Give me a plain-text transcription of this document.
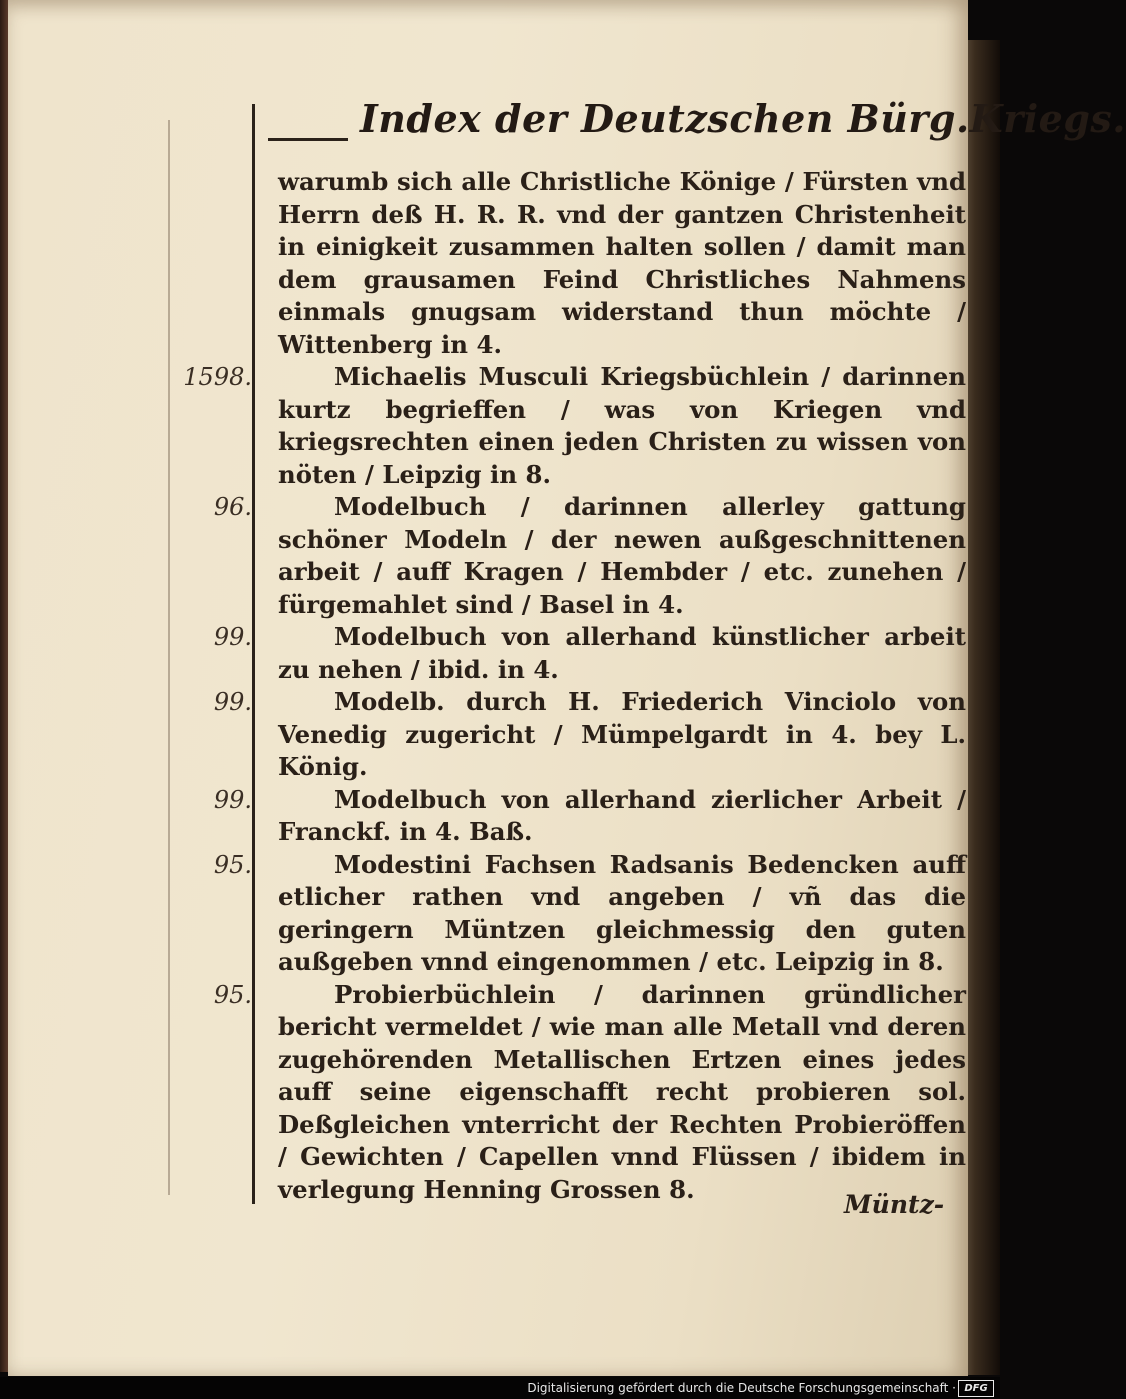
Index der Deutzschen Bürg.Kriegs.
warumb sich alle Christliche Könige / Fürsten vnd Herrn deß H. R. R. vnd der gantzen Christenheit in einigkeit zusammen halten sollen / damit man dem grausamen Feind Christliches Nahmens einmals gnugsam widerstand thun möchte / Wittenberg in 4.
1598.	Michaelis Musculi Kriegsbüchlein / darinnen kurtz begrieffen / was von Kriegen vnd kriegsrechten einen jeden Christen zu wissen von nöten / Leipzig in 8.
96.	Modelbuch / darinnen allerley gattung schöner Modeln / der newen außgeschnittenen arbeit / auff Kragen / Hembder / etc. zunehen / fürgemahlet sind / Basel in 4.
99.	Modelbuch von allerhand künstlicher arbeit zu nehen / ibid. in 4.
99.	Modelb. durch H. Friederich Vinciolo von Venedig zugericht / Mümpelgardt in 4. bey L. König.
99.	Modelbuch von allerhand zierlicher Arbeit / Franckf. in 4. Baß.
95.	Modestini Fachsen Radsanis Bedencken auff etlicher rathen vnd angeben / vñ das die geringern Müntzen gleichmessig den guten außgeben vnnd eingenommen / etc. Leipzig in 8.
95.	Probierbüchlein / darinnen gründlicher bericht vermeldet / wie man alle Metall vnd deren zugehörenden Metallischen Ertzen eines jedes auff seine eigenschafft recht probieren sol. Deßgleichen vnterricht der Rechten Probieröffen / Gewichten / Capellen vnnd Flüssen / ibidem in verlegung Henning Grossen 8.
Müntz-
Digitalisierung gefördert durch die Deutsche Forschungsgemeinschaft · DFG
